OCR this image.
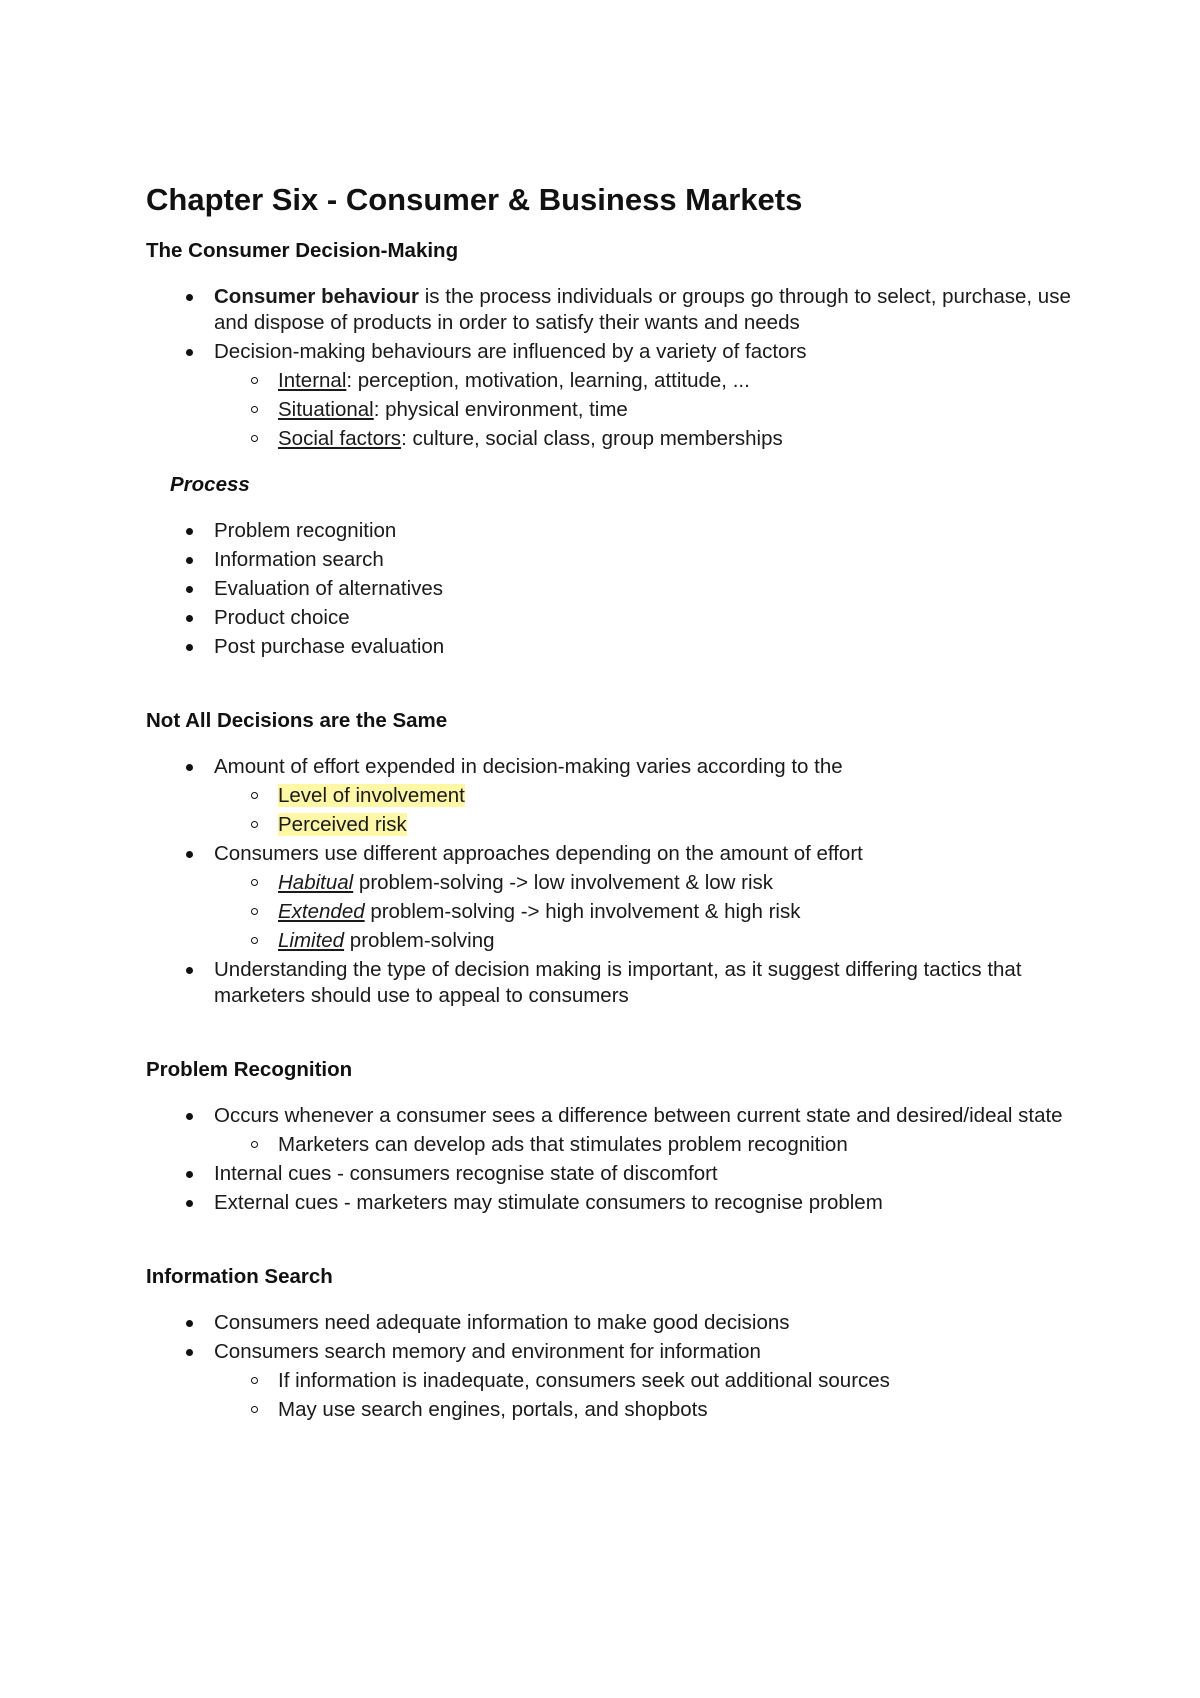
Chapter Six - Consumer & Business Markets
The Consumer Decision-Making
Consumer behaviour is the process individuals or groups go through to select, purchase, use and dispose of products in order to satisfy their wants and needs
Decision-making behaviours are influenced by a variety of factors
Internal: perception, motivation, learning, attitude, ...
Situational: physical environment, time
Social factors: culture, social class, group memberships
Process
Problem recognition
Information search
Evaluation of alternatives
Product choice
Post purchase evaluation
Not All Decisions are the Same
Amount of effort expended in decision-making varies according to the
Level of involvement
Perceived risk
Consumers use different approaches depending on the amount of effort
Habitual problem-solving -> low involvement & low risk
Extended problem-solving -> high involvement & high risk
Limited problem-solving
Understanding the type of decision making is important, as it suggest differing tactics that marketers should use to appeal to consumers
Problem Recognition
Occurs whenever a consumer sees a difference between current state and desired/ideal state
Marketers can develop ads that stimulates problem recognition
Internal cues - consumers recognise state of discomfort
External cues - marketers may stimulate consumers to recognise problem
Information Search
Consumers need adequate information to make good decisions
Consumers search memory and environment for information
If information is inadequate, consumers seek out additional sources
May use search engines, portals, and shopbots
